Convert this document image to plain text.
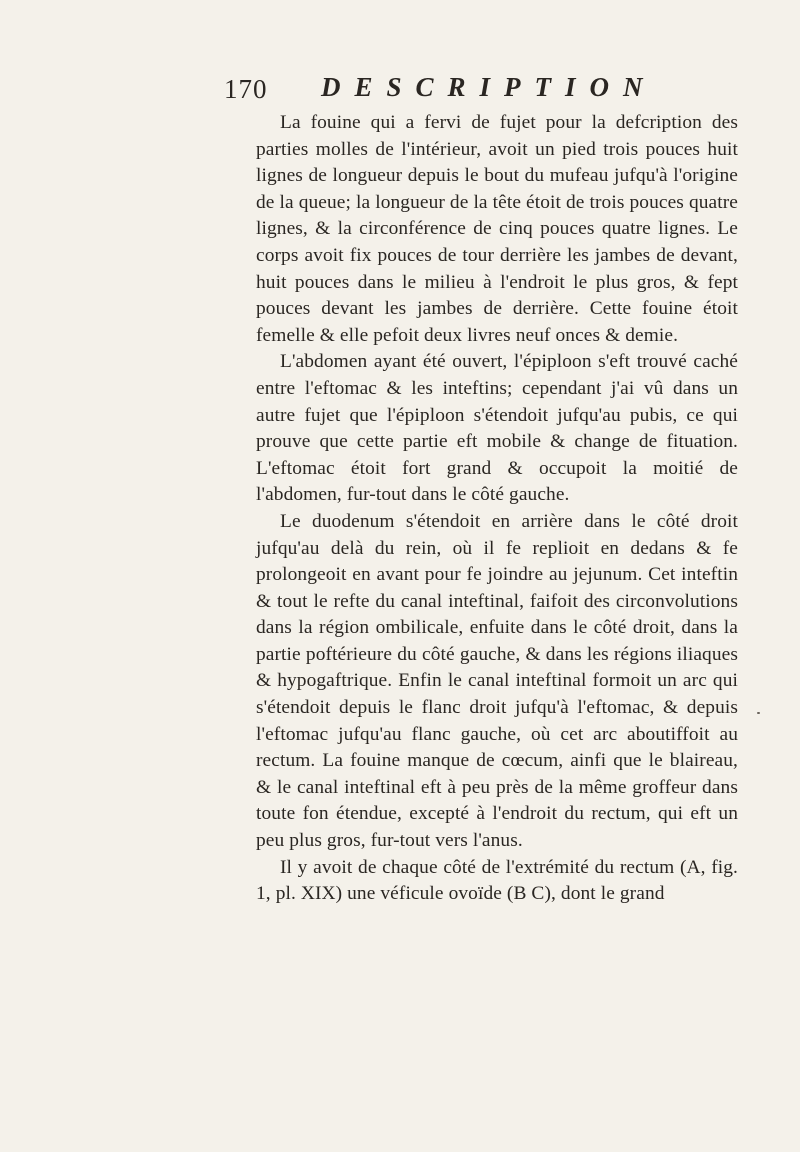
170 DESCRIPTION

La fouine qui a fervi de fujet pour la defcription des parties molles de l'intérieur, avoit un pied trois pouces huit lignes de longueur depuis le bout du mufeau jufqu'à l'origine de la queue; la longueur de la tête étoit de trois pouces quatre lignes, & la circonférence de cinq pouces quatre lignes. Le corps avoit fix pouces de tour derrière les jambes de devant, huit pouces dans le milieu à l'endroit le plus gros, & fept pouces devant les jambes de derrière. Cette fouine étoit femelle & elle pefoit deux livres neuf onces & demie.

L'abdomen ayant été ouvert, l'épiploon s'eft trouvé caché entre l'eftomac & les inteftins; cependant j'ai vû dans un autre fujet que l'épiploon s'étendoit jufqu'au pubis, ce qui prouve que cette partie eft mobile & change de fituation. L'eftomac étoit fort grand & occupoit la moitié de l'abdomen, fur-tout dans le côté gauche.

Le duodenum s'étendoit en arrière dans le côté droit jufqu'au delà du rein, où il fe replioit en dedans & fe prolongeoit en avant pour fe joindre au jejunum. Cet inteftin & tout le refte du canal inteftinal, faifoit des circonvolutions dans la région ombilicale, enfuite dans le côté droit, dans la partie poftérieure du côté gauche, & dans les régions iliaques & hypogaftrique. Enfin le canal inteftinal formoit un arc qui s'étendoit depuis le flanc droit jufqu'à l'eftomac, & depuis l'eftomac jufqu'au flanc gauche, où cet arc aboutiffoit au rectum. La fouine manque de cœcum, ainfi que le blaireau, & le canal inteftinal eft à peu près de la même groffeur dans toute fon étendue, excepté à l'endroit du rectum, qui eft un peu plus gros, fur-tout vers l'anus.

Il y avoit de chaque côté de l'extrémité du rectum (A, fig. 1, pl. XIX) une véficule ovoïde (B C), dont le grand
